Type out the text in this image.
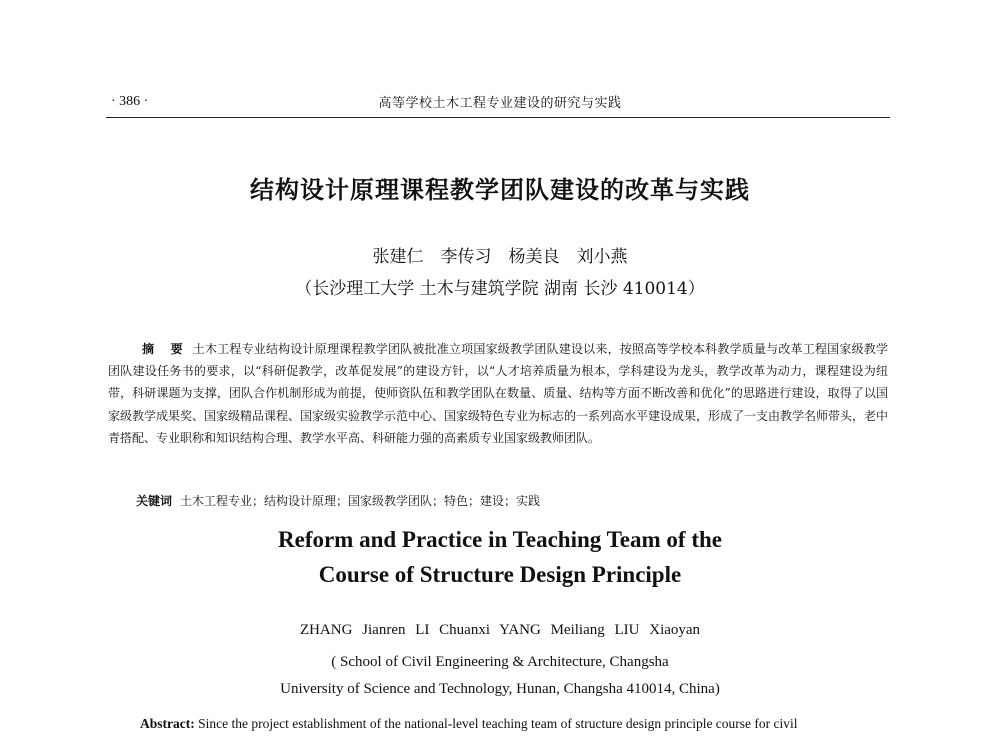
· 386 ·	高等学校土木工程专业建设的研究与实践
结构设计原理课程教学团队建设的改革与实践
张建仁　李传习　杨美良　刘小燕
（长沙理工大学 土木与建筑学院 湖南 长沙 410014）

摘 要 土木工程专业结构设计原理课程教学团队被批准立项国家级教学团队建设以来，按照高等学校本科教学质量与改革工程国家级教学团队建设任务书的要求，以“科研促教学，改革促发展”的建设方针，以“人才培养质量为根本，学科建设为龙头，教学改革为动力，课程建设为纽带，科研课题为支撑，团队合作机制形成为前提，使师资队伍和教学团队在数量、质量、结构等方面不断改善和优化”的思路进行建设，取得了以国家级教学成果奖、国家级精品课程、国家级实验教学示范中心、国家级特色专业为标志的一系列高水平建设成果，形成了一支由教学名师带头，老中青搭配、专业职称和知识结构合理、教学水平高、科研能力强的高素质专业国家级教师团队。

关键词 土木工程专业；结构设计原理；国家级教学团队；特色；建设；实践
Reform and Practice in Teaching Team of the
Course of Structure Design Principle
ZHANG Jianren LI Chuanxi YANG Meiliang LIU Xiaoyan
( School of Civil Engineering & Architecture, Changsha
University of Science and Technology, Hunan, Changsha 410014, China)
Abstract: Since the project establishment of the national-level teaching team of structure design principle course for civil
